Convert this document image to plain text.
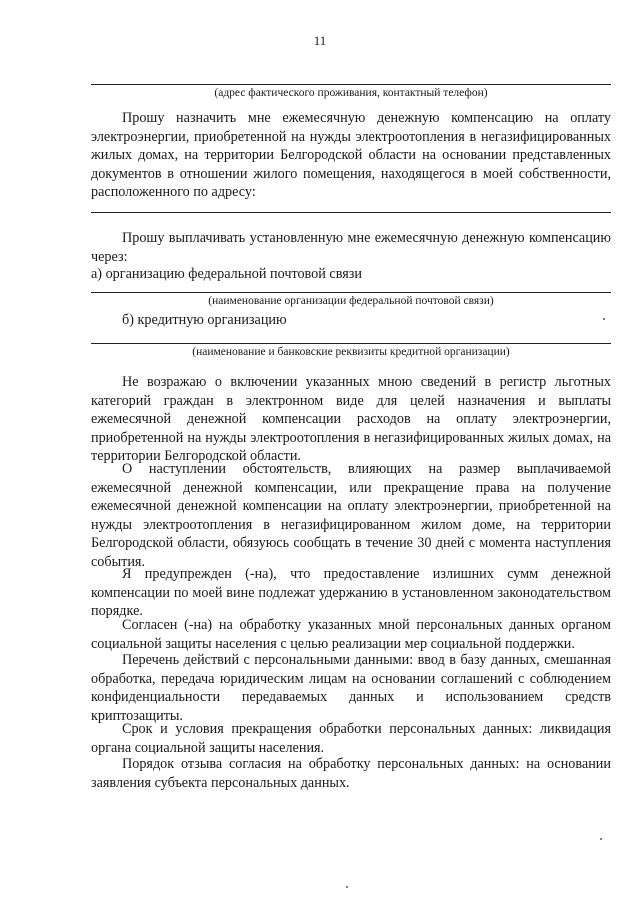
11
(адрес фактического проживания, контактный телефон)
Прошу назначить мне ежемесячную денежную компенсацию на оплату электроэнергии, приобретенной на нужды электроотопления в негазифицированных жилых домах, на территории Белгородской области на основании представленных документов в отношении жилого помещения, находящегося в моей собственности, расположенного по адресу:
Прошу выплачивать установленную мне ежемесячную денежную компенсацию через:
а) организацию федеральной почтовой связи
(наименование организации федеральной почтовой связи)
б) кредитную организацию
(наименование и банковские реквизиты кредитной организации)
Не возражаю о включении указанных мною сведений в регистр льготных категорий граждан в электронном виде для целей назначения и выплаты ежемесячной денежной компенсации расходов на оплату электроэнергии, приобретенной на нужды электроотопления в негазифицированных жилых домах, на территории Белгородской области.
О наступлении обстоятельств, влияющих на размер выплачиваемой ежемесячной денежной компенсации, или прекращение права на получение ежемесячной денежной компенсации на оплату электроэнергии, приобретенной на нужды электроотопления в негазифицированном жилом доме, на территории Белгородской области, обязуюсь сообщать в течение 30 дней с момента наступления события.
Я предупрежден (-на), что предоставление излишних сумм денежной компенсации по моей вине подлежат удержанию в установленном законодательством порядке.
Согласен (-на) на обработку указанных мной персональных данных органом социальной защиты населения с целью реализации мер социальной поддержки.
Перечень действий с персональными данными: ввод в базу данных, смешанная обработка, передача юридическим лицам на основании соглашений с соблюдением конфиденциальности передаваемых данных и использованием средств криптозащиты.
Срок и условия прекращения обработки персональных данных: ликвидация органа социальной защиты населения.
Порядок отзыва согласия на обработку персональных данных: на основании заявления субъекта персональных данных.
